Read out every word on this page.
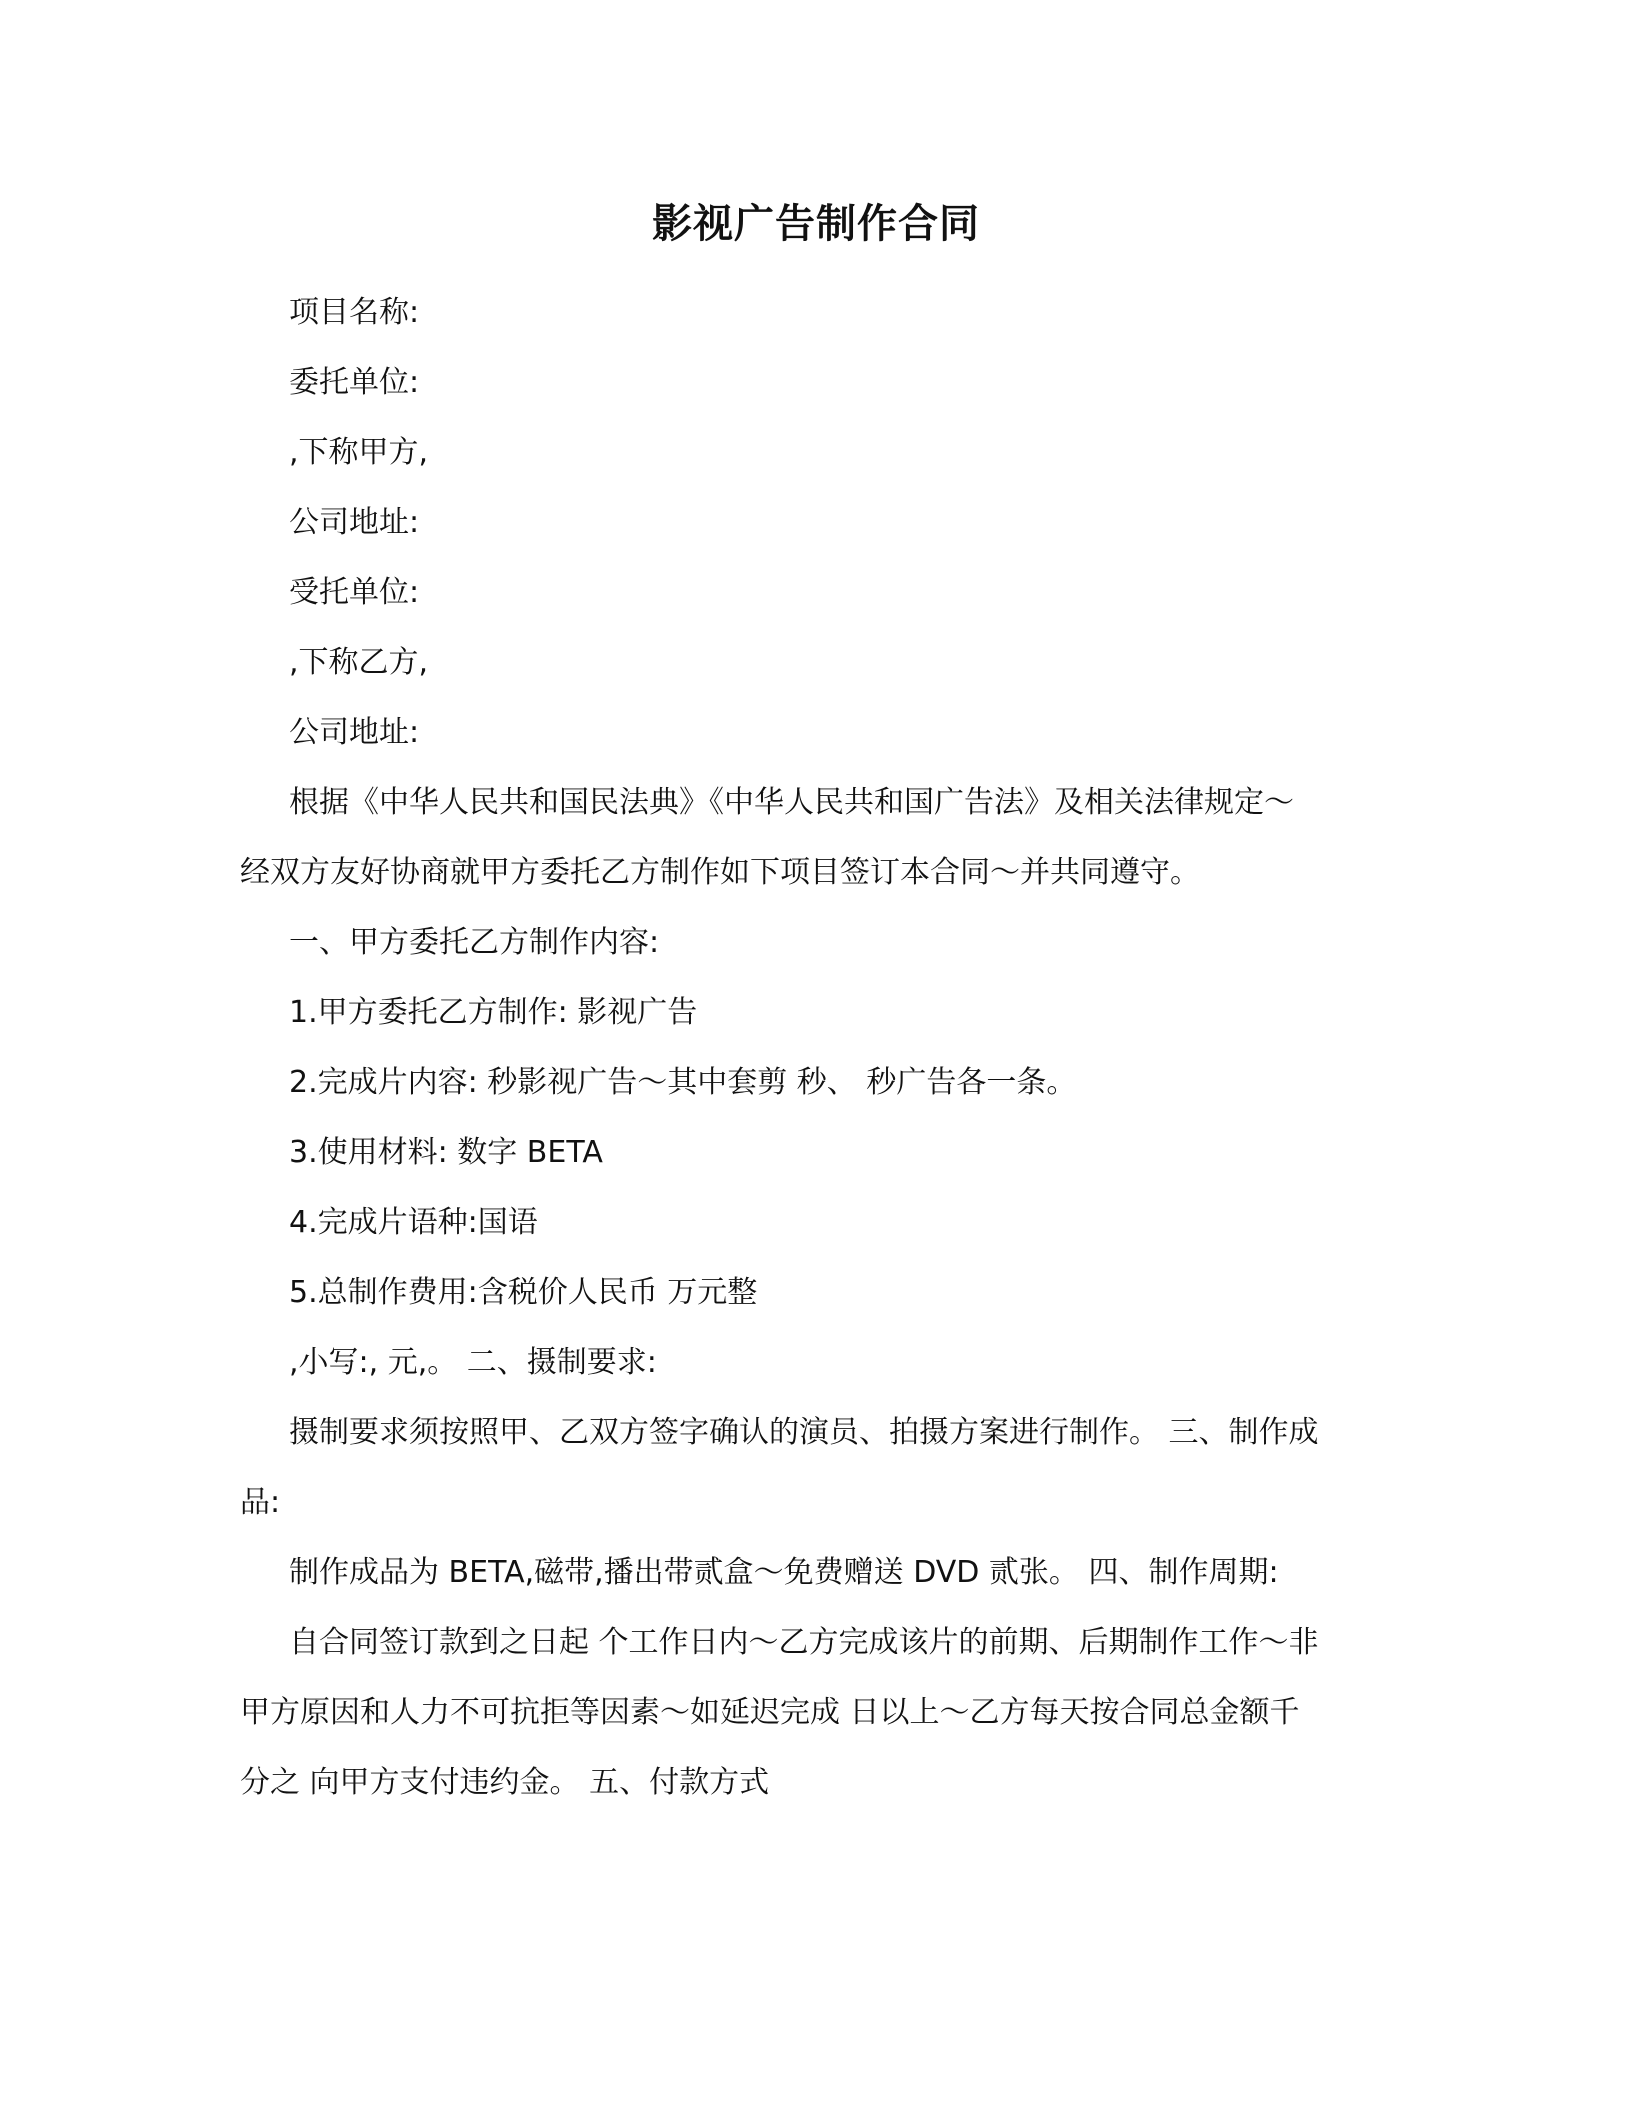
影视广告制作合同

项目名称:

委托单位:

,下称甲方,

公司地址:

受托单位:

,下称乙方,

公司地址:

根据《中华人民共和国民法典》《中华人民共和国广告法》及相关法律规定～
经双方友好协商就甲方委托乙方制作如下项目签订本合同～并共同遵守。

一、甲方委托乙方制作内容:

1.甲方委托乙方制作: 影视广告

2.完成片内容: 秒影视广告～其中套剪 秒、 秒广告各一条。

3.使用材料: 数字 BETA

4.完成片语种:国语

5.总制作费用:含税价人民币 万元整

,小写:, 元,。 二、摄制要求:

摄制要求须按照甲、乙双方签字确认的演员、拍摄方案进行制作。 三、制作成
品:

制作成品为 BETA,磁带,播出带贰盒～免费赠送 DVD 贰张。 四、制作周期:

自合同签订款到之日起 个工作日内～乙方完成该片的前期、后期制作工作～非
甲方原因和人力不可抗拒等因素～如延迟完成 日以上～乙方每天按合同总金额千
分之 向甲方支付违约金。 五、付款方式
